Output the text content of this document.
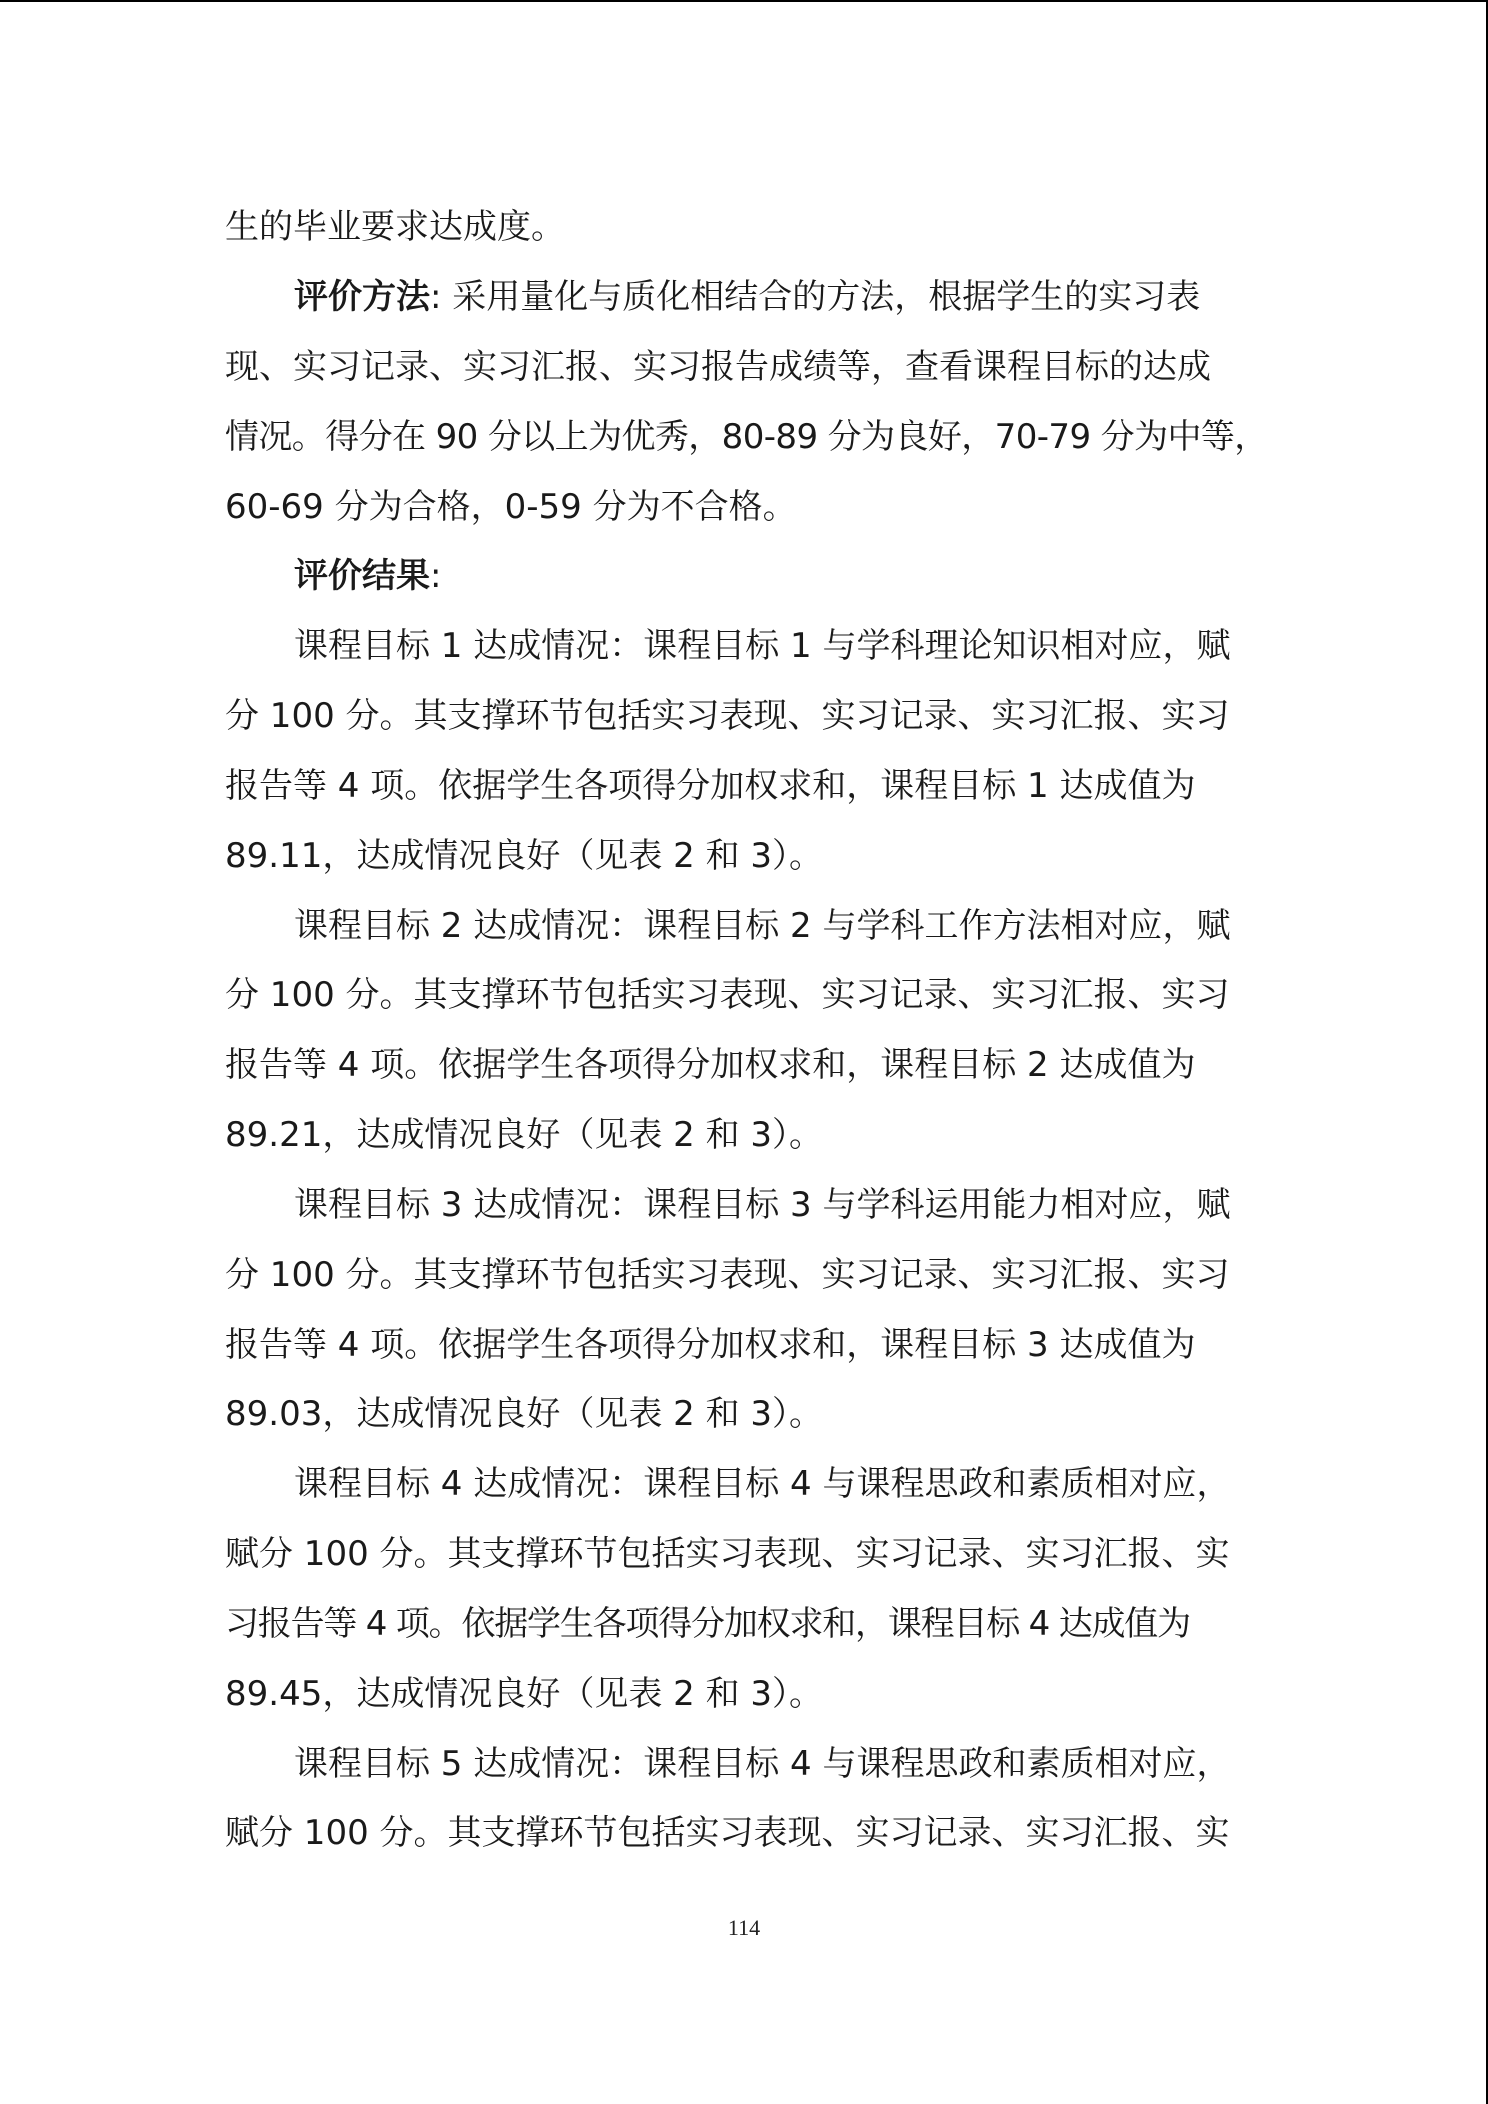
生的毕业要求达成度。
评价方法: 采用量化与质化相结合的方法，根据学生的实习表
现、实习记录、实习汇报、实习报告成绩等，查看课程目标的达成
情况。得分在 90 分以上为优秀，80-89 分为良好，70-79 分为中等，
60-69 分为合格，0-59 分为不合格。
评价结果:
课程目标 1 达成情况：课程目标 1 与学科理论知识相对应，赋
分 100 分。其支撑环节包括实习表现、实习记录、实习汇报、实习
报告等 4 项。依据学生各项得分加权求和，课程目标 1 达成值为
89.11，达成情况良好（见表 2 和 3）。
课程目标 2 达成情况：课程目标 2 与学科工作方法相对应，赋
分 100 分。其支撑环节包括实习表现、实习记录、实习汇报、实习
报告等 4 项。依据学生各项得分加权求和，课程目标 2 达成值为
89.21，达成情况良好（见表 2 和 3）。
课程目标 3 达成情况：课程目标 3 与学科运用能力相对应，赋
分 100 分。其支撑环节包括实习表现、实习记录、实习汇报、实习
报告等 4 项。依据学生各项得分加权求和，课程目标 3 达成值为
89.03，达成情况良好（见表 2 和 3）。
课程目标 4 达成情况：课程目标 4 与课程思政和素质相对应，
赋分 100 分。其支撑环节包括实习表现、实习记录、实习汇报、实
习报告等 4 项。依据学生各项得分加权求和，课程目标 4 达成值为
89.45，达成情况良好（见表 2 和 3）。
课程目标 5 达成情况：课程目标 4 与课程思政和素质相对应，
赋分 100 分。其支撑环节包括实习表现、实习记录、实习汇报、实
114
